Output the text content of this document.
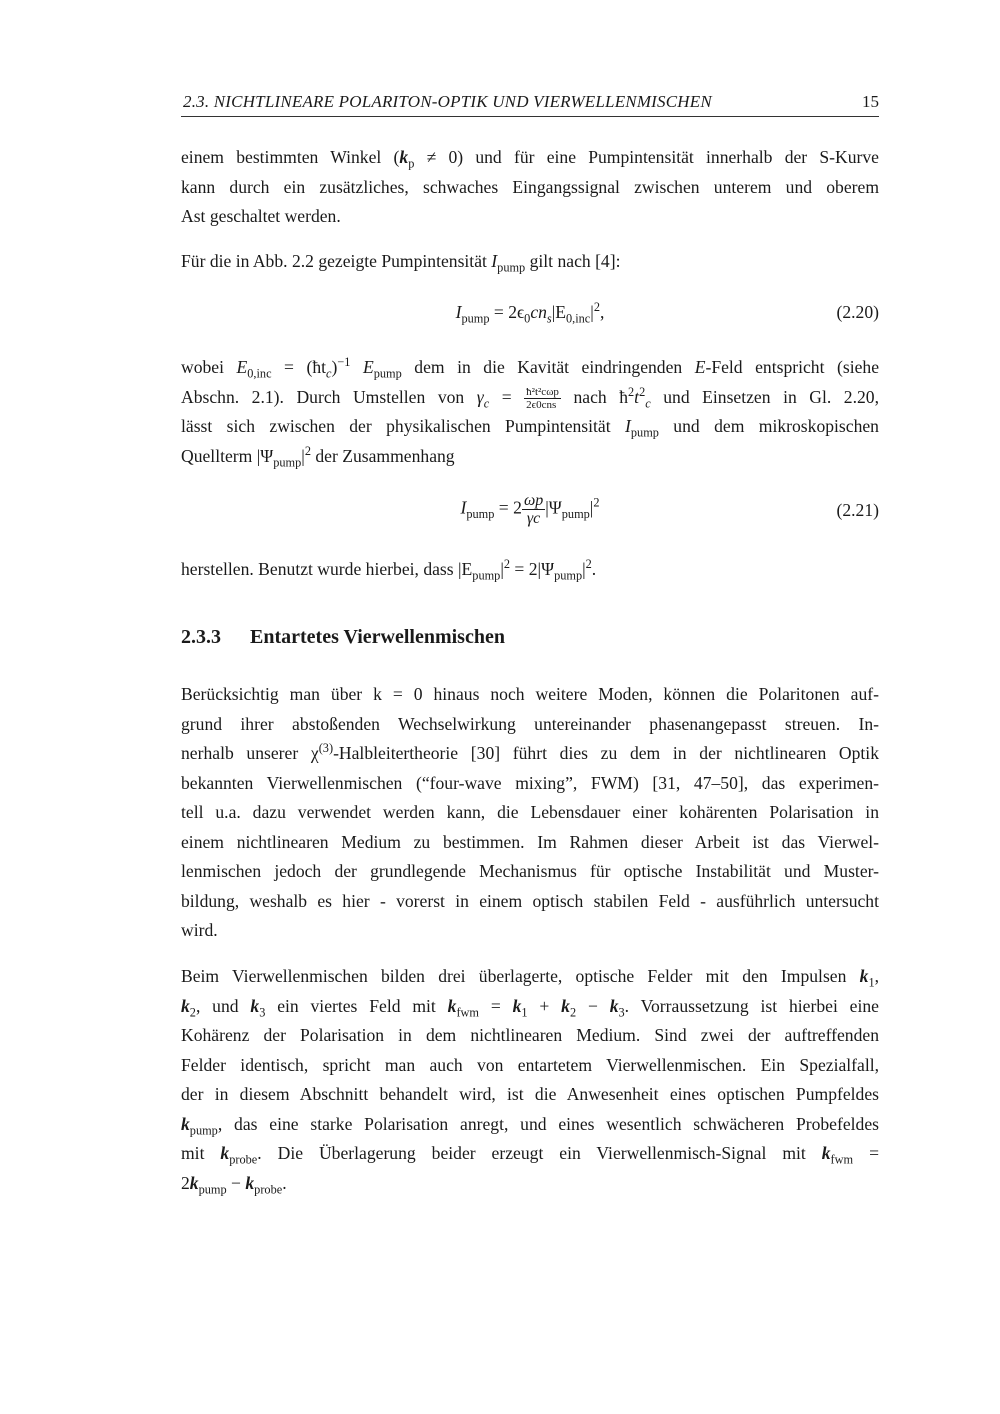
2.3. NICHTLINEARE POLARITON-OPTIK UND VIERWELLENMISCHEN	15
einem bestimmten Winkel $(k_p \ne 0)$ und für eine Pumpintensität innerhalb der S-Kurve
kann durch ein zusätzliches, schwaches Eingangssignal zwischen unterem und oberem
Ast geschaltet werden.
Für die in Abb. 2.2 gezeigte Pumpintensität $I_{pump}$ gilt nach [4]:
$I_{pump} = 2\epsilon_0cn_s|E_{0,inc}|^2$,	(2.20)
wobei $E_{0,inc}$ = $(ħt_c)^{-1}$ $E_{pump}$ dem in die Kavität eindringenden E-Feld entspricht (siehe
Abschn. 2.1). Durch Umstellen von $\gamma_c = \frac{\text{ħ²t²cωp}}{\text{2ϵ0cns}}$ nach $ħ^2t^2_c$ und Einsetzen in Gl. 2.20,
lässt sich zwischen der physikalischen Pumpintensität $I_{pump}$ und dem mikroskopischen
Quellterm $|\Psi_{pump}|^2$ der Zusammenhang
$I_{pump} = 2 \frac{\omega p}{\gamma c} |\Psi_{pump}|^2$	(2.21)
herstellen. Benutzt wurde hierbei, dass $|E_{pump}|^2 = 2|\Psi_{pump}|^2$.
2.3.3 Entartetes Vierwellenmischen
Berücksichtig man über k = 0 hinaus noch weitere Moden, können die Polaritonen auf-
grund ihrer abstoßenden Wechselwirkung untereinander phasenangepasst streuen. In-
nerhalb unserer $\chi^{(3)}$-Halbleitertheorie [30] führt dies zu dem in der nichtlinearen Optik
bekannten Vierwellenmischen (“four-wave mixing”, FWM) [31, 47–50], das experimen-
tell u.a. dazu verwendet werden kann, die Lebensdauer einer kohärenten Polarisation in
einem nichtlinearen Medium zu bestimmen. Im Rahmen dieser Arbeit ist das Vierwel-
lenmischen jedoch der grundlegende Mechanismus für optische Instabilität und Muster-
bildung, weshalb es hier - vorerst in einem optisch stabilen Feld - ausführlich untersucht
wird.
Beim Vierwellenmischen bilden drei überlagerte, optische Felder mit den Impulsen $k_1$,
$k_2$, und $k_3$ ein viertes Feld mit $k_{fwm} = k_1 + k_2 - k_3$. Vorraussetzung ist hierbei eine
Kohärenz der Polarisation in dem nichtlinearen Medium. Sind zwei der auftreffenden
Felder identisch, spricht man auch von entartetem Vierwellenmischen. Ein Spezialfall,
der in diesem Abschnitt behandelt wird, ist die Anwesenheit eines optischen Pumpfeldes
$k_{pump}$, das eine starke Polarisation anregt, und eines wesentlich schwächeren Probefeldes
mit $k_{probe}$. Die Überlagerung beider erzeugt ein Vierwellenmisch-Signal mit $k_{fwm}$ =
$2k_{pump} - k_{probe}$.
